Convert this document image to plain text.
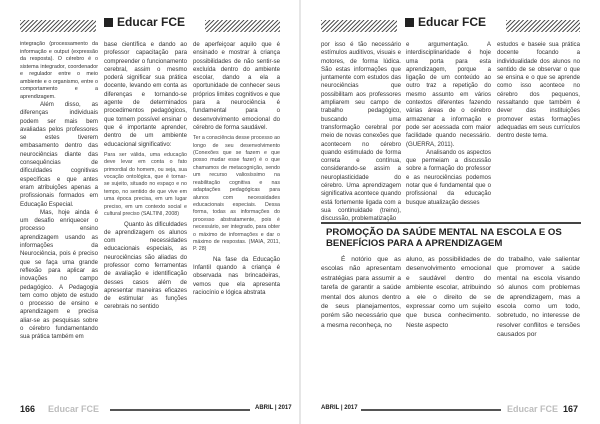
Educar FCE

integração (processamento da informação e output (expressão da resposta). O cérebro é o sistema integrador, coordenador e regulador entre o meio ambiente e o organismo, entre o comportamento e a aprendizagem.

Além disso, as diferenças individuais podem ser mais bem avaliadas pelos professores se estes tiverem embasamento dentro das neurociências diante das consequências de dificuldades cognitivas específicas e que antes eram atribuições apenas a profissionais formados em Educação Especial.

Mas, hoje ainda é um desafio enriquecer o processo ensino aprendizagem usando as informações da Neurociência, pois é preciso que se faça uma grande reflexão para aplicar as inovações no campo pedagógico. A Pedagogia tem como objeto de estudo o processo de ensino e aprendizagem e precisa aliar-se as pesquisas sobre o cérebro fundamentando sua prática também em

base científica e dando ao professor capacitação para compreender o funcionamento cerebral, assim o mesmo poderá significar sua prática docente, levando em conta as diferenças e tornando-se agente de determinados procedimentos pedagógicos, que tornem possível ensinar o que é importante aprender, dentro de um ambiente educacional significativo:

Para ser válida, uma educação deve levar em conta o fato primordial do homem, ou seja, sua vocação ontológica, que é tornar-se sujeito, situado no espaço e no tempo, no sentido de que vive em uma época precisa, em um lugar preciso, em um contexto social e cultural preciso (SALTINI, 2008)

Quanto às dificuldades de aprendizagem os alunos com necessidades educacionais especiais, as neurociências são aliadas do professor como ferramentas de avaliação e identificação desses casos além de apresentar maneiras eficazes de estimular as funções cerebrais no sentido

de aperfeiçoar aquilo que é ensinado e mostrar à criança possibilidades de não sentir-se excluída dentro do ambiente escolar, dando a ela a oportunidade de conhecer seus próprios limites cognitivos e que para a neurociência é fundamental para o desenvolvimento emocional do cérebro de forma saudável.

Ter a consciência desse processo ao longo de seu desenvolvimento (Conexões que se fazem e que posso mudar esse fazer) é o que chamamos de metacognição, sendo um recurso valiosíssimo na reabilitação cognitiva e nas adaptações pedagógicas para alunos com necessidades educacionais especiais. Dessa forma, todas as informações do processo abstratamente, pois é necessário, ser integrado, para obter o máximo de informações e dar o máximo de respostas. (MAIA, 2011, P. 28)

Na fase da Educação Infantil quando a criança é observada nas brincadeiras, vemos que ela apresenta raciocínio e lógica abstrata

166 Educar FCE	ABRIL | 2017
Educar FCE

por isso é tão necessário estímulos auditivos, visuais e motores, de forma lúdica. São estas informações que juntamente com estudos das neurociências que possibilitam aos professores ampliarem seu campo de trabalho pedagógico, buscando uma transformação cerebral por meio de novas conexões que acontecem no cérebro quando estimulado de forma correta e contínua, considerando-se assim a neuroplasticidade do cérebro. Uma aprendizagem significativa acontece quando está fortemente ligada com a sua continuidade (treino), discussão, problematização

e argumentação. A interdisciplinaridade é hoje uma porta para esta aprendizagem, porque a ligação de um conteúdo ao outro traz a repetição do mesmo assunto em vários contextos diferentes fazendo várias áreas de o cérebro armazenar a informação e pode ser acessada com maior facilidade quando necessário. (GUERRA, 2011).

Analisando os aspectos que permeiam a discussão sobre a formação do professor e as neurociências podemos notar que é fundamental que o profissional da educação busque atualização desses

estudos e baseie sua prática docente focando a individualidade dos alunos no sentido de se observar o que se ensina e o que se aprende como isso acontece no cérebro dos pequenos, ressaltando que também é dever das instituições promover estas formações adequadas em seus currículos dentro deste tema.

PROMOÇÃO DA SAÚDE MENTAL NA ESCOLA E OS BENEFÍCIOS PARA A APRENDIZAGEM

É notório que as escolas não apresentam estratégias para assumir a tarefa de garantir a saúde mental dos alunos dentro de seus planejamentos, porém são necessário que a mesma reconheça, no

aluno, as possibilidades de desenvolvimento emocional e saudável dentro do ambiente escolar, atribuindo a ele o direito de se expressar como um sujeito que busca conhecimento. Neste aspecto

do trabalho, vale salientar que promover a saúde mental na escola visando só alunos com problemas de aprendizagem, mas a escola como um todo, sobretudo, no interesse de resolver conflitos e tensões causados por

ABRIL | 2017	Educar FCE 167
